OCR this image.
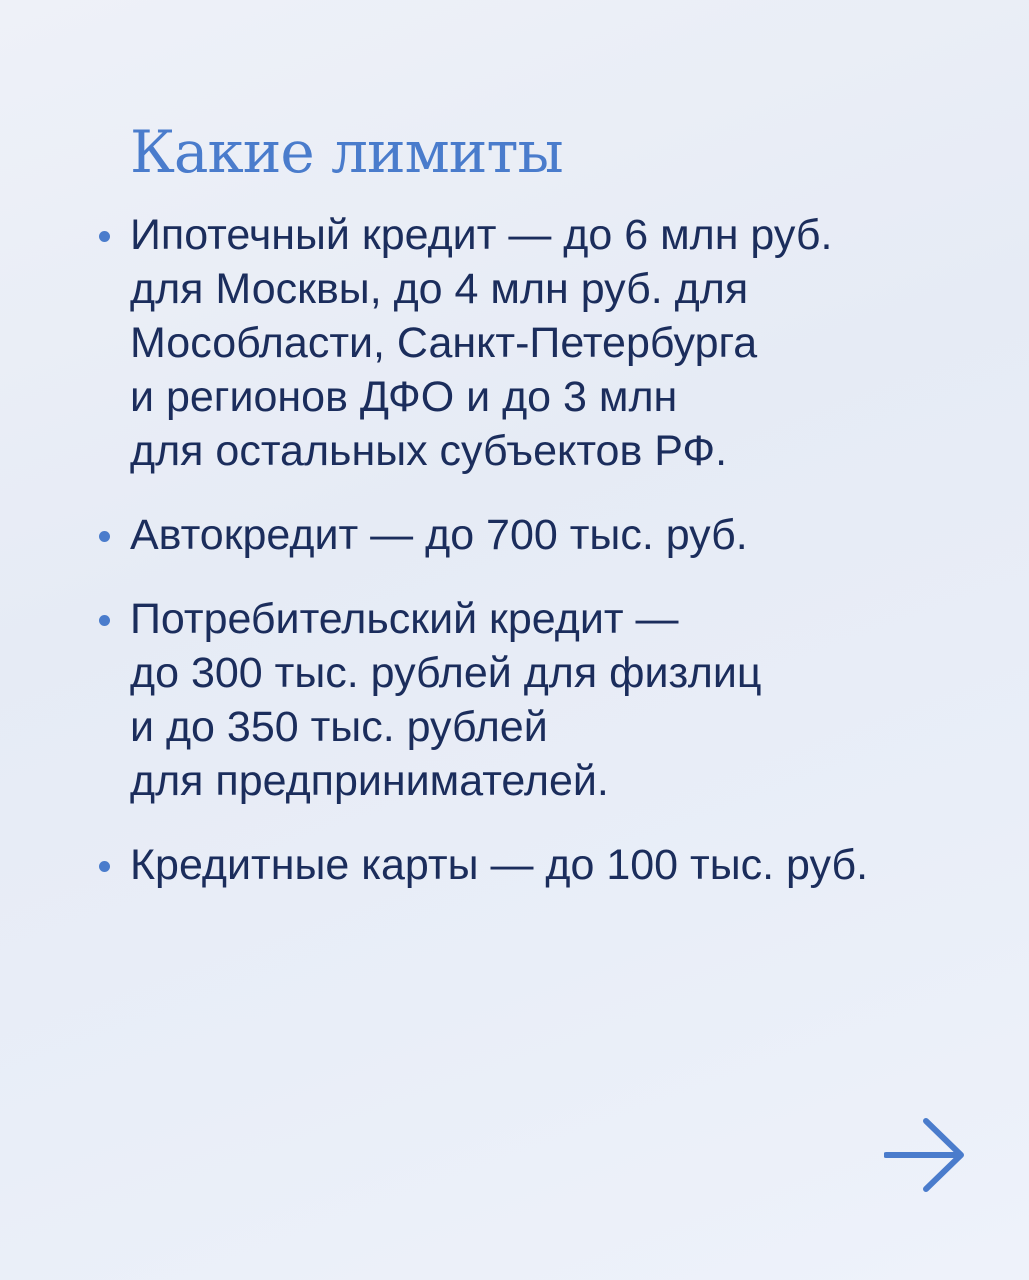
Какие лимиты
Ипотечный кредит — до 6 млн руб.
для Москвы, до 4 млн руб. для
Мособласти, Санкт-Петербурга
и регионов ДФО и до 3 млн
для остальных субъектов РФ.
Автокредит — до 700 тыс. руб.
Потребительский кредит —
до 300 тыс. рублей для физлиц
и до 350 тыс. рублей
для предпринимателей.
Кредитные карты — до 100 тыс. руб.
